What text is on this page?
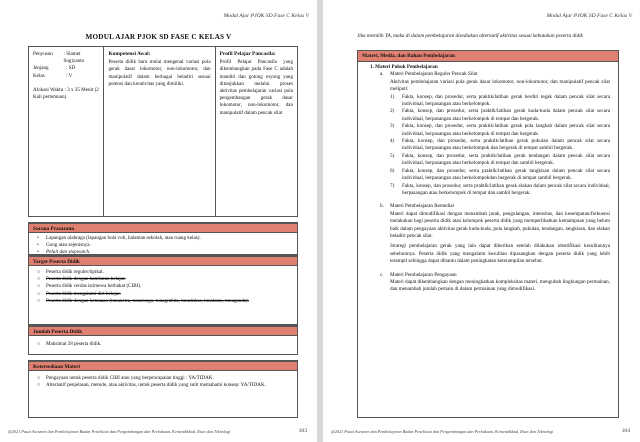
Modul Ajar PJOK SD Fase C Kelas V
MODUL AJAR PJOK SD FASE C KELAS V
Penyusun	: Slamet Sugiyanto
Jenjang	: SD
Kelas	: V
Alokasi Waktu : 3 x 35 Menit (2 Kali pertemuan).
Kompetensi Awal:
Peserta didik baru mulai mengenal variasi pola gerak dasar lokomotor, non-lokomotor, dan manipulatif dalam berbagai beladiri sesuai potensi dan kreativitas yang dimiliki.
Profil Pelajar Pancasila:
Profil Pelajar Pancasila yang dikembangkan pada Fase C adalah mandiri dan gotong royong yang ditunjukkan melalui proses aktivitas pembelajaran variasi pola pengembangan gerak dasar lokomotor, non-lokomotor, dan manipulatif dalam pencak silat
Sarana Prasarana
•	Lapangan olahraga (lapangan bola voli, halaman sekolah, atau ruang kelas).
•	Gong atau sejenisnya.
•	Peluit dan stopwatch.
Target Peserta Didik
○	Peserta didik reguler/tipikal.
○	Peserta didik dengan hambatan belajar.
○	Peserta didik cerdas istimewa berbakat (CIBI).
○	Peserta didik mengalami diri belajar.
○	Peserta didik dengan ketunaan (tunanetra, tunarungu, tunagrahita, tunadaksa, tunalaras, tunaganda).
Jumlah Peserta Didik
○	Maksimal 28 peserta didik.
Ketersediaan Materi
○	Pengayaan untuk peserta didik CIBI atau yang berpencapaian tinggi : YA/TIDAK.
○	Alternatif penjelasan, metode, atau aktivitas, untuk peserta didik yang sulit memahami konsep: YA/TIDAK.
@2021 Pusat Asesmen dan Pembelajaran Badan Penelitian dan Pengembangan dan Perbukuan, Kemendikbud, Riset dan Teknologi	103
Modul Ajar PJOK SD Fase C Kelas V
Jika memilih YA, maka di dalam pembelajaran disediakan alternatif aktivitas sesuai kebutuhan peserta didik
Materi, Media, dan Bahan Pembelajaran
1. Materi Pokok Pembelajaran
a.	Materi Pembelajaran Reguler Pencak Silat
Aktivitas pembelajaran variasi pola gerak dasar lokomotor, non-lokomotor, dan manipulatif pencak silat meliputi:
1)	Fakta, konsep, dan prosedur, serta praktik/latihan gerak berdiri tegak dalam pencak silat secara individual, berpasangan atau berkelompok.
2)	Fakta, konsep, dan prosedur, serta praktik/latihan gerak kuda-kuda dalam pencak silat secara individual, berpasangan atau berkelompok di tempat dan bergerak.
3)	Fakta, konsep, dan prosedur, serta praktik/latihan gerak pola langkah dalam pencak silat secara individual, berpasangan atau berkelompok di tempat dan bergerak.
4)	Fakta, konsep, dan prosedur, serta praktik/latihan gerak pukulan dalam pencak silat secara individual, berpasangan atau berkelompok dan bergerak di tempat sambil bergerak.
5)	Fakta, konsep, dan prosedur, serta praktik/latihan gerak tendangan dalam pencak silat secara individual, berpasangan atau berkelompok di tempat dan sambil bergerak.
6)	Fakta, konsep, dan prosedur, serta praktik/latihan gerak tangkisan dalam pencak silat secara individual, berpasangan atau berkelompokdan bergerak di tempat sambil bergerak.
7)	Fakta, konsep, dan prosedur, serta praktik/latihan gerak elakan dalam pencak silat secara individual, berpasangan atau berkelompok di tempat dan sambil bergerak.
b.	Materi Pembelajaran Remedial
Materi dapat dimodifikasi dengan menambah jarak, pengulangan, intensitas, dan kesempatan/frekuensi melakukan bagi peserta didik atau kelompok peserta didik yang memperlihatkan kemampuan yang belum baik dalam pengayaan aktivitas gerak kuda-kuda, pola langkah, pukulan, tendangan, tangkisan, dan elakan beladiri pencak silat.
Strategi pembelajaran gerak yang lain dapat diberikan setelah dilakukan identifikasi kesulitannya sebelumnya. Peserta didik yang mengalami kesulitan dipasangkan dengan peserta didik yang lebih terampil sehingga dapat dibantu dalam peningkatan keterampilan tersebut.
c.	Materi Pembelajaran Pengayaan
Materi dapat dikembangkan dengan meningkatkan kompleksitas materi, mengubah lingkungan permainan, dan menambah jumlah pemain di dalam permainan yang dimodifikasi.
@2021 Pusat Asesmen dan Pembelajaran Badan Penelitian dan Pengembangan dan Perbukuan, Kemendikbud, Riset dan Teknologi	104
